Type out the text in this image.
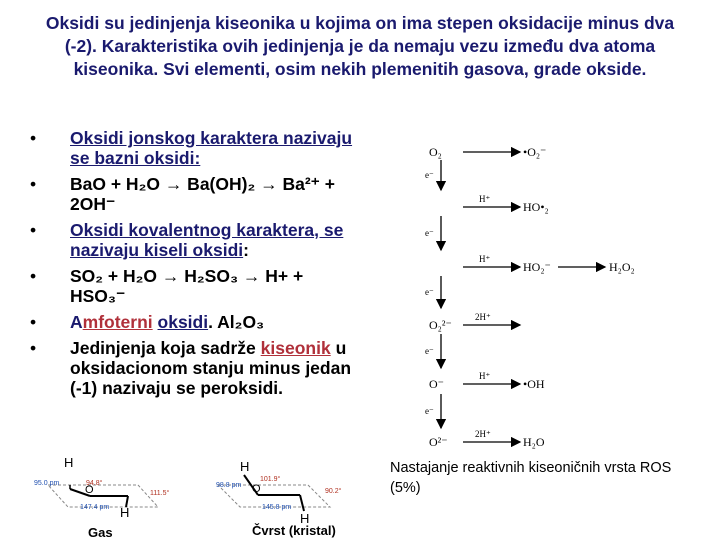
Oksidi su jedinjenja kiseonika u kojima on ima stepen oksidacije minus dva (-2). Karakteristika ovih jedinjenja je da nemaju vezu između dva atoma kiseonika. Svi elementi, osim nekih plemenitih gasova, grade okside.
• Oksidi jonskog karaktera nazivaju se bazni oksidi:
• BaO + H₂O → Ba(OH)₂ → Ba²⁺ + 2OH⁻
• Oksidi kovalentnog karaktera, se nazivaju kiseli oksidi:
• SO₂ + H₂O → H₂SO₃ → H+ + HSO₃⁻
• Amfoterni oksidi. Al₂O₃
• Jedinjenja koja sadrže kiseonik u oksidacionom stanju minus jedan (-1) nazivaju se peroksidi.
O₂	•O₂⁻
HO•₂
HO₂⁻	H₂O₂
O₂²⁻
O⁻	•OH
O²⁻	H₂O
e⁻
H⁺
e⁻
H⁺
e⁻
2H⁺
e⁻
H⁺
e⁻
2H⁺
Nastajanje reaktivnih kiseoničnih vrsta ROS (5%)
H
O
H
94.8°
111.5°
95.0 pm
147.4 pm
Gas
H
O
H
101.9°
90.2°
98.8 pm
145.8 pm
Čvrst (kristal)
